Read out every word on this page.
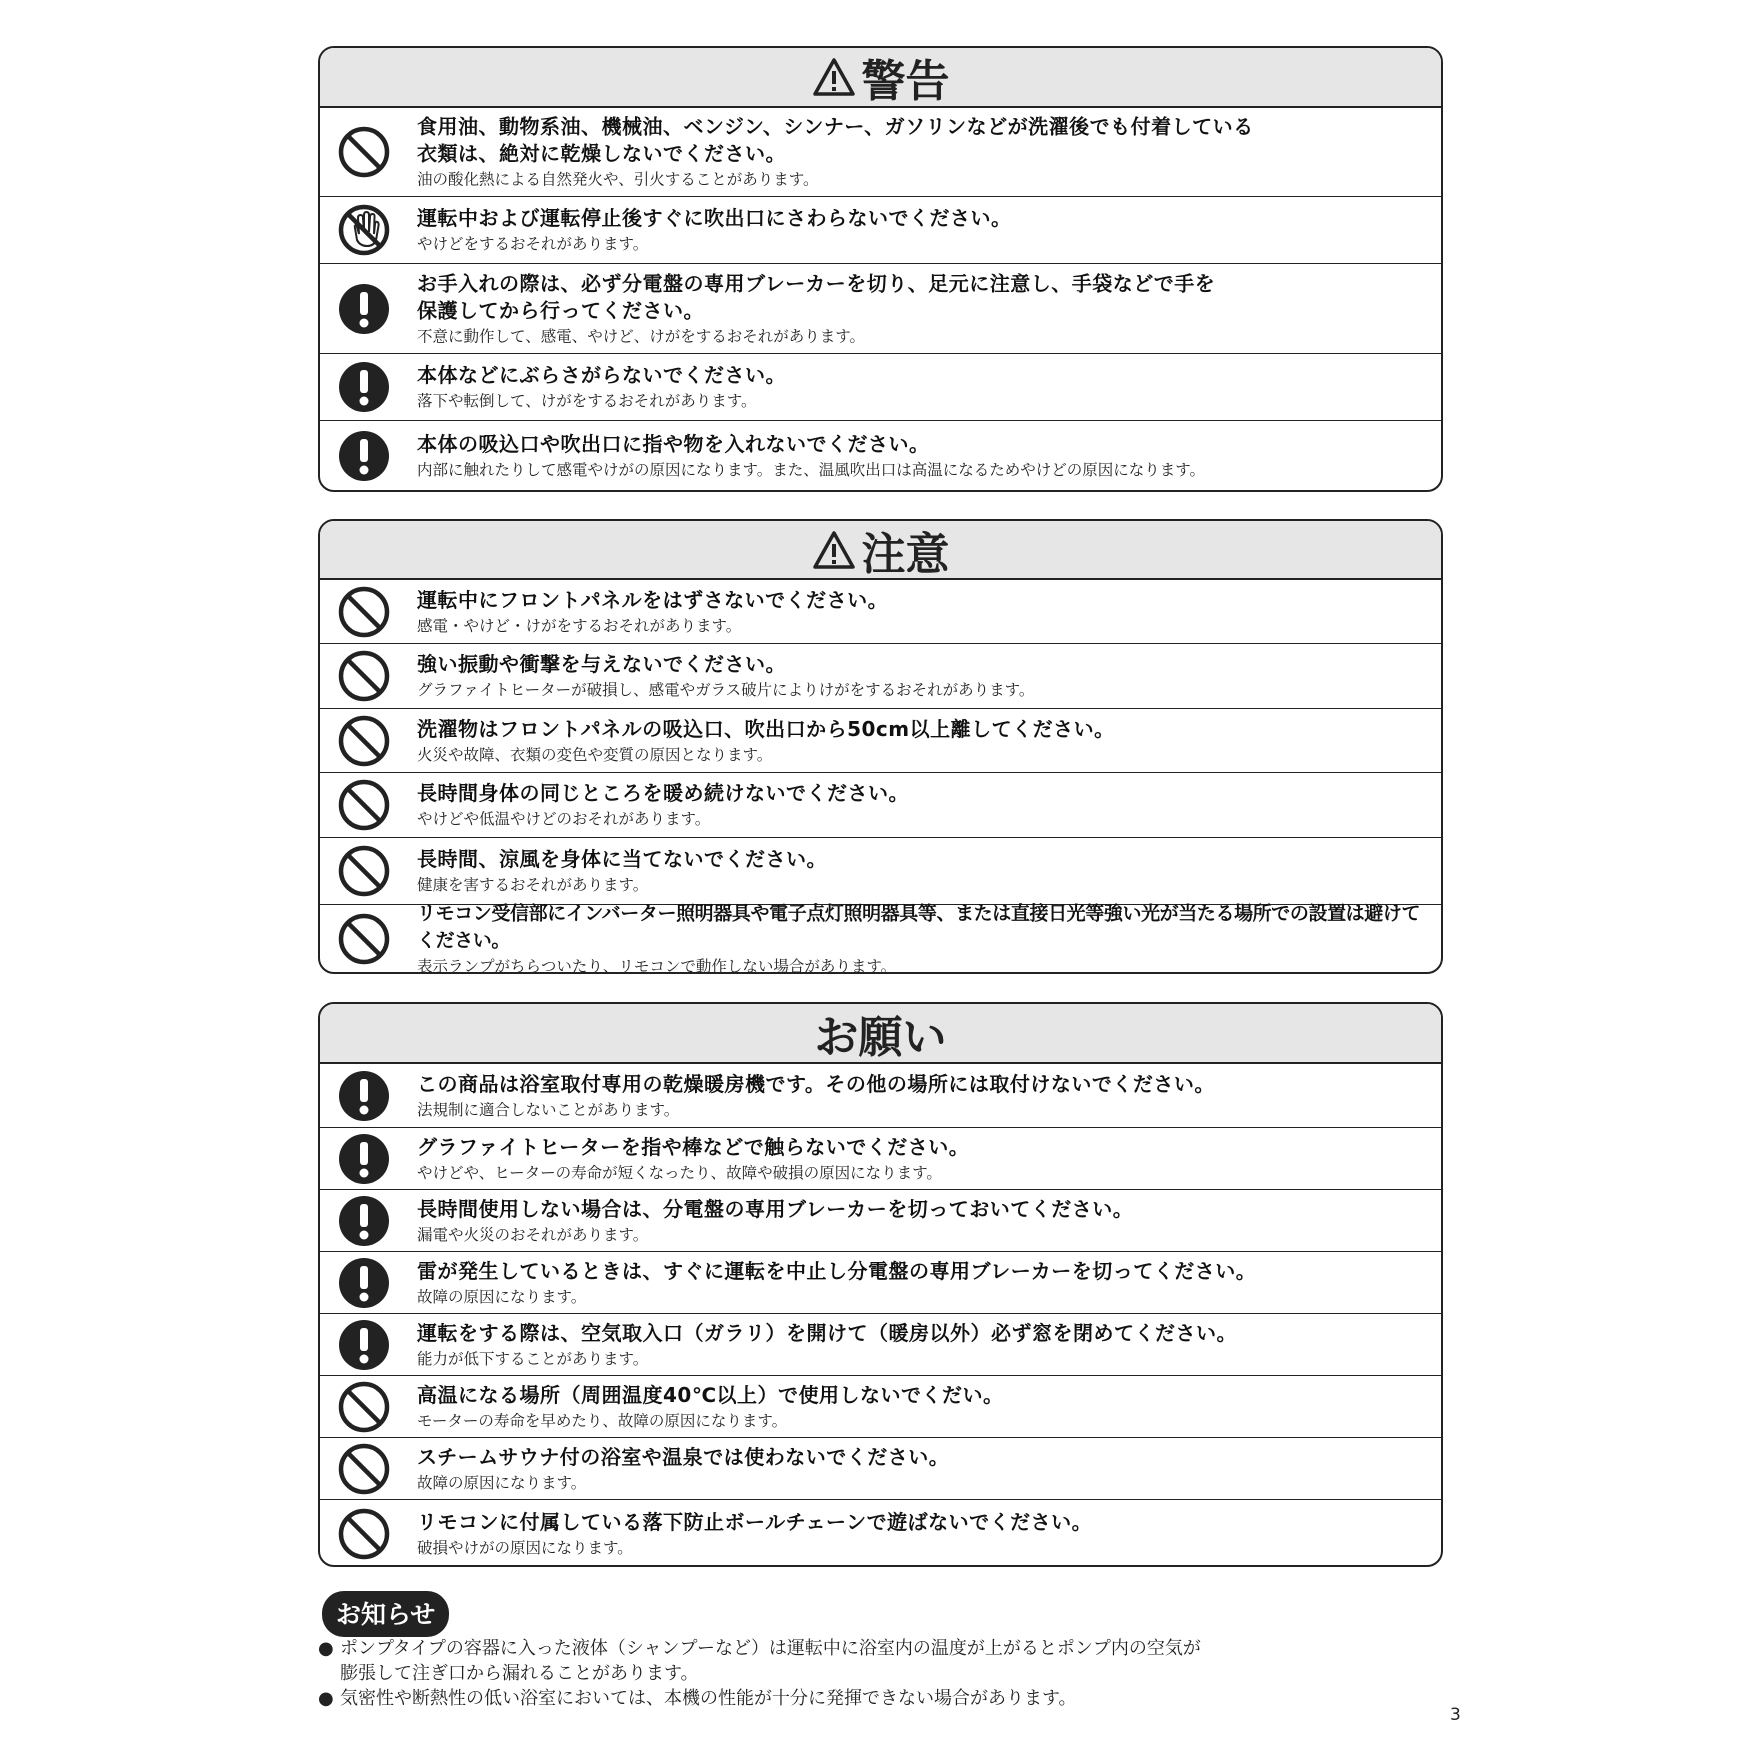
警告
食用油、動物系油、機械油、ベンジン、シンナー、ガソリンなどが洗濯後でも付着している
衣類は、絶対に乾燥しないでください。
油の酸化熱による自然発火や、引火することがあります。
運転中および運転停止後すぐに吹出口にさわらないでください。
やけどをするおそれがあります。
お手入れの際は、必ず分電盤の専用ブレーカーを切り、足元に注意し、手袋などで手を
保護してから行ってください。
不意に動作して、感電、やけど、けがをするおそれがあります。
本体などにぶらさがらないでください。
落下や転倒して、けがをするおそれがあります。
本体の吸込口や吹出口に指や物を入れないでください。
内部に触れたりして感電やけがの原因になります。また、温風吹出口は高温になるためやけどの原因になります。
注意
運転中にフロントパネルをはずさないでください。
感電・やけど・けがをするおそれがあります。
強い振動や衝撃を与えないでください。
グラファイトヒーターが破損し、感電やガラス破片によりけがをするおそれがあります。
洗濯物はフロントパネルの吸込口、吹出口から50cm以上離してください。
火災や故障、衣類の変色や変質の原因となります。
長時間身体の同じところを暖め続けないでください。
やけどや低温やけどのおそれがあります。
長時間、涼風を身体に当てないでください。
健康を害するおそれがあります。
リモコン受信部にインバーター照明器具や電子点灯照明器具等、または直接日光等強い光が当たる場所での設置は避けてください。
表示ランプがちらついたり、リモコンで動作しない場合があります。
お願い
この商品は浴室取付専用の乾燥暖房機です。その他の場所には取付けないでください。
法規制に適合しないことがあります。
グラファイトヒーターを指や棒などで触らないでください。
やけどや、ヒーターの寿命が短くなったり、故障や破損の原因になります。
長時間使用しない場合は、分電盤の専用ブレーカーを切っておいてください。
漏電や火災のおそれがあります。
雷が発生しているときは、すぐに運転を中止し分電盤の専用ブレーカーを切ってください。
故障の原因になります。
運転をする際は、空気取入口（ガラリ）を開けて（暖房以外）必ず窓を閉めてください。
能力が低下することがあります。
高温になる場所（周囲温度40℃以上）で使用しないでくだい。
モーターの寿命を早めたり、故障の原因になります。
スチームサウナ付の浴室や温泉では使わないでください。
故障の原因になります。
リモコンに付属している落下防止ボールチェーンで遊ばないでください。
破損やけがの原因になります。
お知らせ
● ポンプタイプの容器に入った液体（シャンプーなど）は運転中に浴室内の温度が上がるとポンプ内の空気が
膨張して注ぎ口から漏れることがあります。
● 気密性や断熱性の低い浴室においては、本機の性能が十分に発揮できない場合があります。
3
